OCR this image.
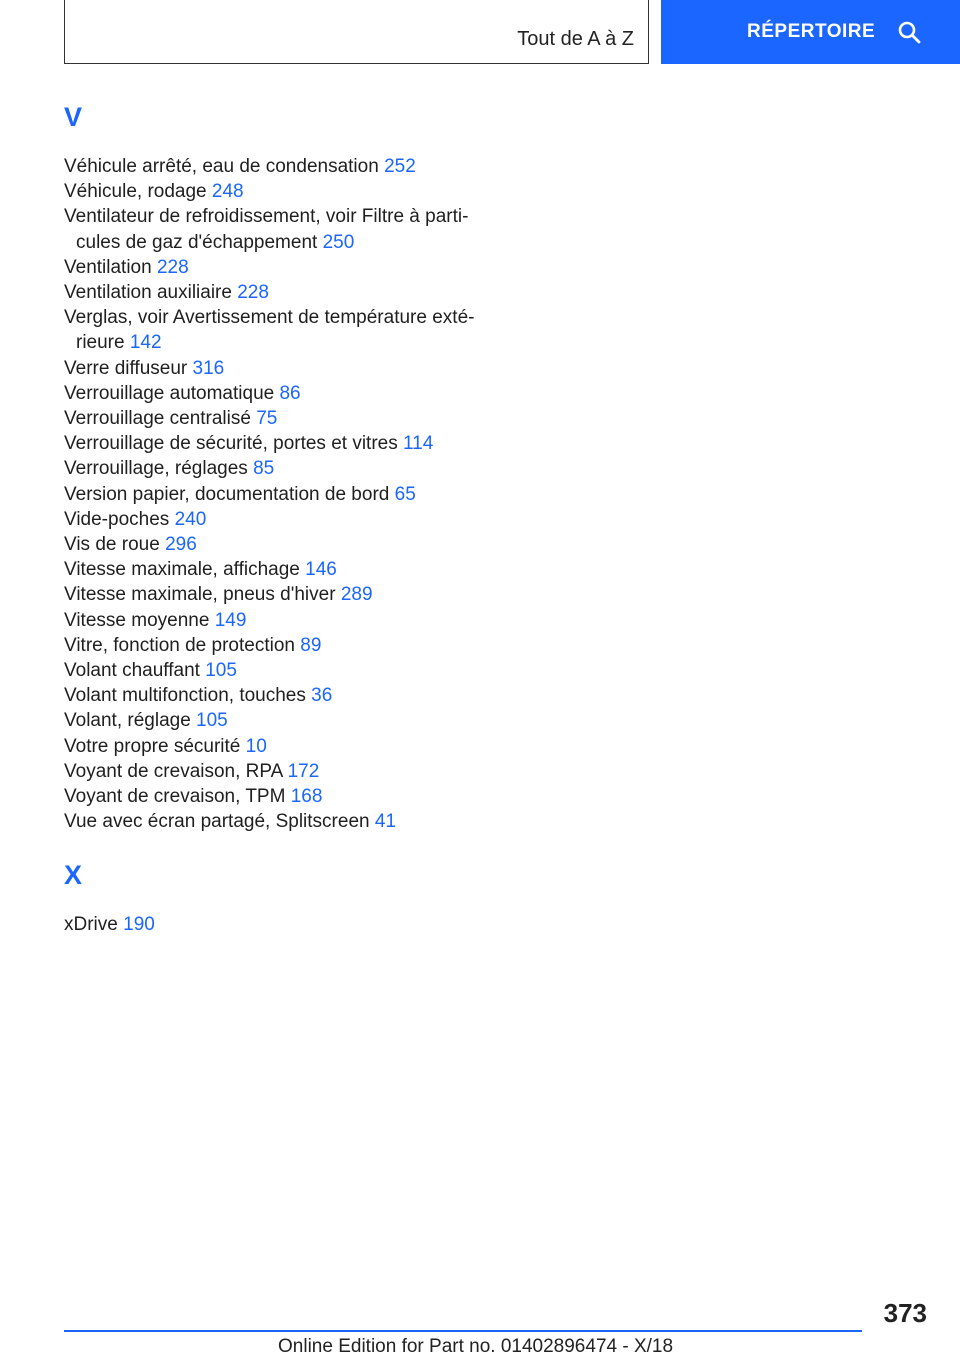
Tout de A à Z	RÉPERTOIRE
V
Véhicule arrêté, eau de condensation 252
Véhicule, rodage 248
Ventilateur de refroidissement, voir Filtre à particules de gaz d'échappement 250
Ventilation 228
Ventilation auxiliaire 228
Verglas, voir Avertissement de température extérieure 142
Verre diffuseur 316
Verrouillage automatique 86
Verrouillage centralisé 75
Verrouillage de sécurité, portes et vitres 114
Verrouillage, réglages 85
Version papier, documentation de bord 65
Vide-poches 240
Vis de roue 296
Vitesse maximale, affichage 146
Vitesse maximale, pneus d'hiver 289
Vitesse moyenne 149
Vitre, fonction de protection 89
Volant chauffant 105
Volant multifonction, touches 36
Volant, réglage 105
Votre propre sécurité 10
Voyant de crevaison, RPA 172
Voyant de crevaison, TPM 168
Vue avec écran partagé, Splitscreen 41
X
xDrive 190
373
Online Edition for Part no. 01402896474 - X/18
